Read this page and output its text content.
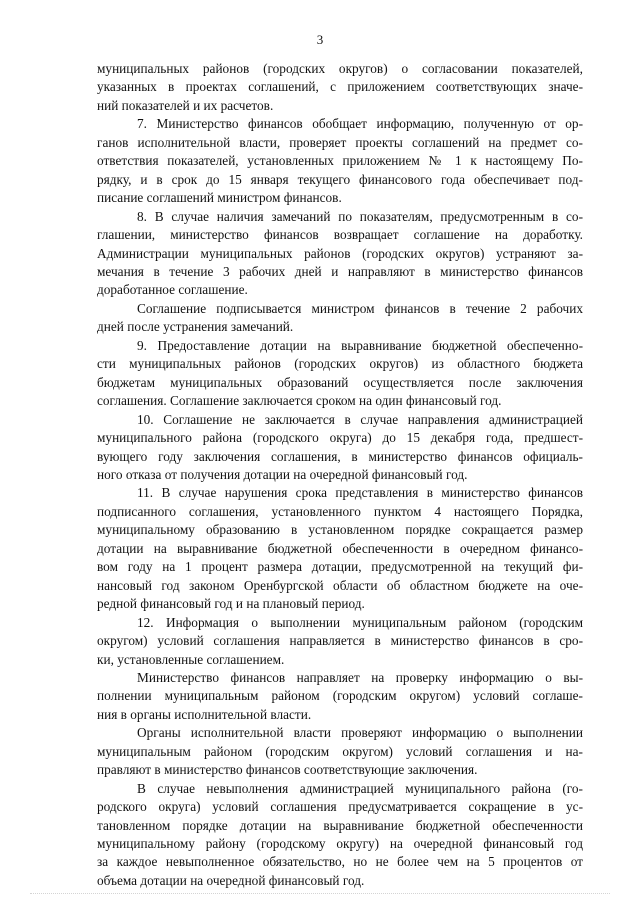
3
муниципальных районов (городских округов) о согласовании показателей,
указанных в проектах соглашений, с приложением соответствующих значе-
ний показателей и их расчетов.
7. Министерство финансов обобщает информацию, полученную от ор-
ганов исполнительной власти, проверяет проекты соглашений на предмет со-
ответствия показателей, установленных приложением № 1 к настоящему По-
рядку, и в срок до 15 января текущего финансового года обеспечивает под-
писание соглашений министром финансов.
8. В случае наличия замечаний по показателям, предусмотренным в со-
глашении, министерство финансов возвращает соглашение на доработку.
Администрации муниципальных районов (городских округов) устраняют за-
мечания в течение 3 рабочих дней и направляют в министерство финансов
доработанное соглашение.
Соглашение подписывается министром финансов в течение 2 рабочих
дней после устранения замечаний.
9. Предоставление дотации на выравнивание бюджетной обеспеченно-
сти муниципальных районов (городских округов) из областного бюджета
бюджетам муниципальных образований осуществляется после заключения
соглашения. Соглашение заключается сроком на один финансовый год.
10. Соглашение не заключается в случае направления администрацией
муниципального района (городского округа) до 15 декабря года, предшест-
вующего году заключения соглашения, в министерство финансов официаль-
ного отказа от получения дотации на очередной финансовый год.
11. В случае нарушения срока представления в министерство финансов
подписанного соглашения, установленного пунктом 4 настоящего Порядка,
муниципальному образованию в установленном порядке сокращается размер
дотации на выравнивание бюджетной обеспеченности в очередном финансо-
вом году на 1 процент размера дотации, предусмотренной на текущий фи-
нансовый год законом Оренбургской области об областном бюджете на оче-
редной финансовый год и на плановый период.
12. Информация о выполнении муниципальным районом (городским
округом) условий соглашения направляется в министерство финансов в сро-
ки, установленные соглашением.
Министерство финансов направляет на проверку информацию о вы-
полнении муниципальным районом (городским округом) условий соглаше-
ния в органы исполнительной власти.
Органы исполнительной власти проверяют информацию о выполнении
муниципальным районом (городским округом) условий соглашения и на-
правляют в министерство финансов соответствующие заключения.
В случае невыполнения администрацией муниципального района (го-
родского округа) условий соглашения предусматривается сокращение в ус-
тановленном порядке дотации на выравнивание бюджетной обеспеченности
муниципальному району (городскому округу) на очередной финансовый год
за каждое невыполненное обязательство, но не более чем на 5 процентов от
объема дотации на очередной финансовый год.
